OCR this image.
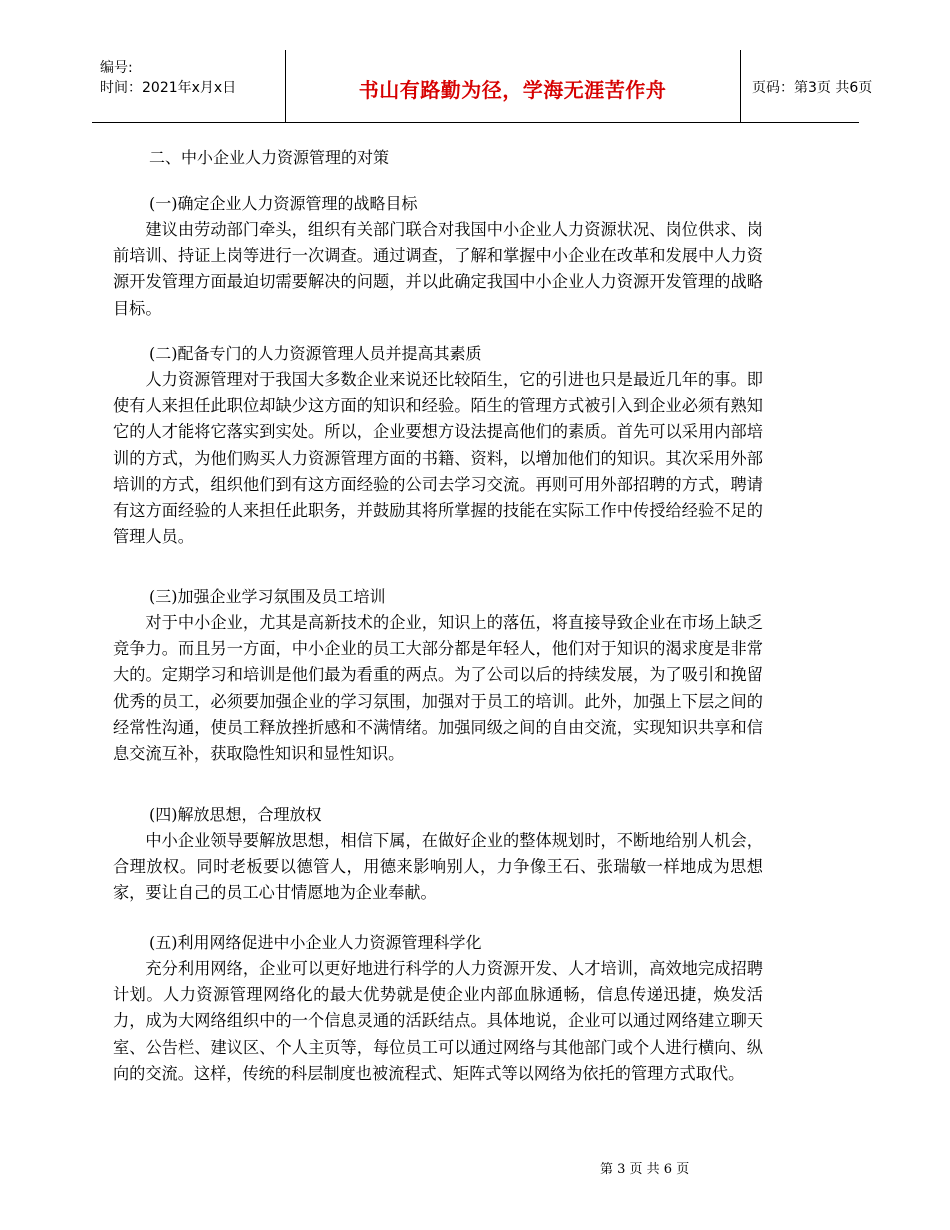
编号:
时间：2021年x月x日	书山有路勤为径，学海无涯苦作舟	页码：第3页 共6页
二、中小企业人力资源管理的对策
(一)确定企业人力资源管理的战略目标

建议由劳动部门牵头，组织有关部门联合对我国中小企业人力资源状况、岗位供求、岗前培训、持证上岗等进行一次调查。通过调查，了解和掌握中小企业在改革和发展中人力资源开发管理方面最迫切需要解决的问题，并以此确定我国中小企业人力资源开发管理的战略目标。

(二)配备专门的人力资源管理人员并提高其素质

人力资源管理对于我国大多数企业来说还比较陌生，它的引进也只是最近几年的事。即使有人来担任此职位却缺少这方面的知识和经验。陌生的管理方式被引入到企业必须有熟知它的人才能将它落实到实处。所以，企业要想方设法提高他们的素质。首先可以采用内部培训的方式，为他们购买人力资源管理方面的书籍、资料，以增加他们的知识。其次采用外部培训的方式，组织他们到有这方面经验的公司去学习交流。再则可用外部招聘的方式，聘请有这方面经验的人来担任此职务，并鼓励其将所掌握的技能在实际工作中传授给经验不足的管理人员。

(三)加强企业学习氛围及员工培训

对于中小企业，尤其是高新技术的企业，知识上的落伍，将直接导致企业在市场上缺乏竞争力。而且另一方面，中小企业的员工大部分都是年轻人，他们对于知识的渴求度是非常大的。定期学习和培训是他们最为看重的两点。为了公司以后的持续发展，为了吸引和挽留优秀的员工，必须要加强企业的学习氛围，加强对于员工的培训。此外，加强上下层之间的经常性沟通，使员工释放挫折感和不满情绪。加强同级之间的自由交流，实现知识共享和信息交流互补，获取隐性知识和显性知识。

(四)解放思想，合理放权

中小企业领导要解放思想，相信下属，在做好企业的整体规划时，不断地给别人机会，合理放权。同时老板要以德管人，用德来影响别人，力争像王石、张瑞敏一样地成为思想家，要让自己的员工心甘情愿地为企业奉献。

(五)利用网络促进中小企业人力资源管理科学化

充分利用网络，企业可以更好地进行科学的人力资源开发、人才培训，高效地完成招聘计划。人力资源管理网络化的最大优势就是使企业内部血脉通畅，信息传递迅捷，焕发活力，成为大网络组织中的一个信息灵通的活跃结点。具体地说，企业可以通过网络建立聊天室、公告栏、建议区、个人主页等，每位员工可以通过网络与其他部门或个人进行横向、纵向的交流。这样，传统的科层制度也被流程式、矩阵式等以网络为依托的管理方式取代。

第 3 页 共 6 页
